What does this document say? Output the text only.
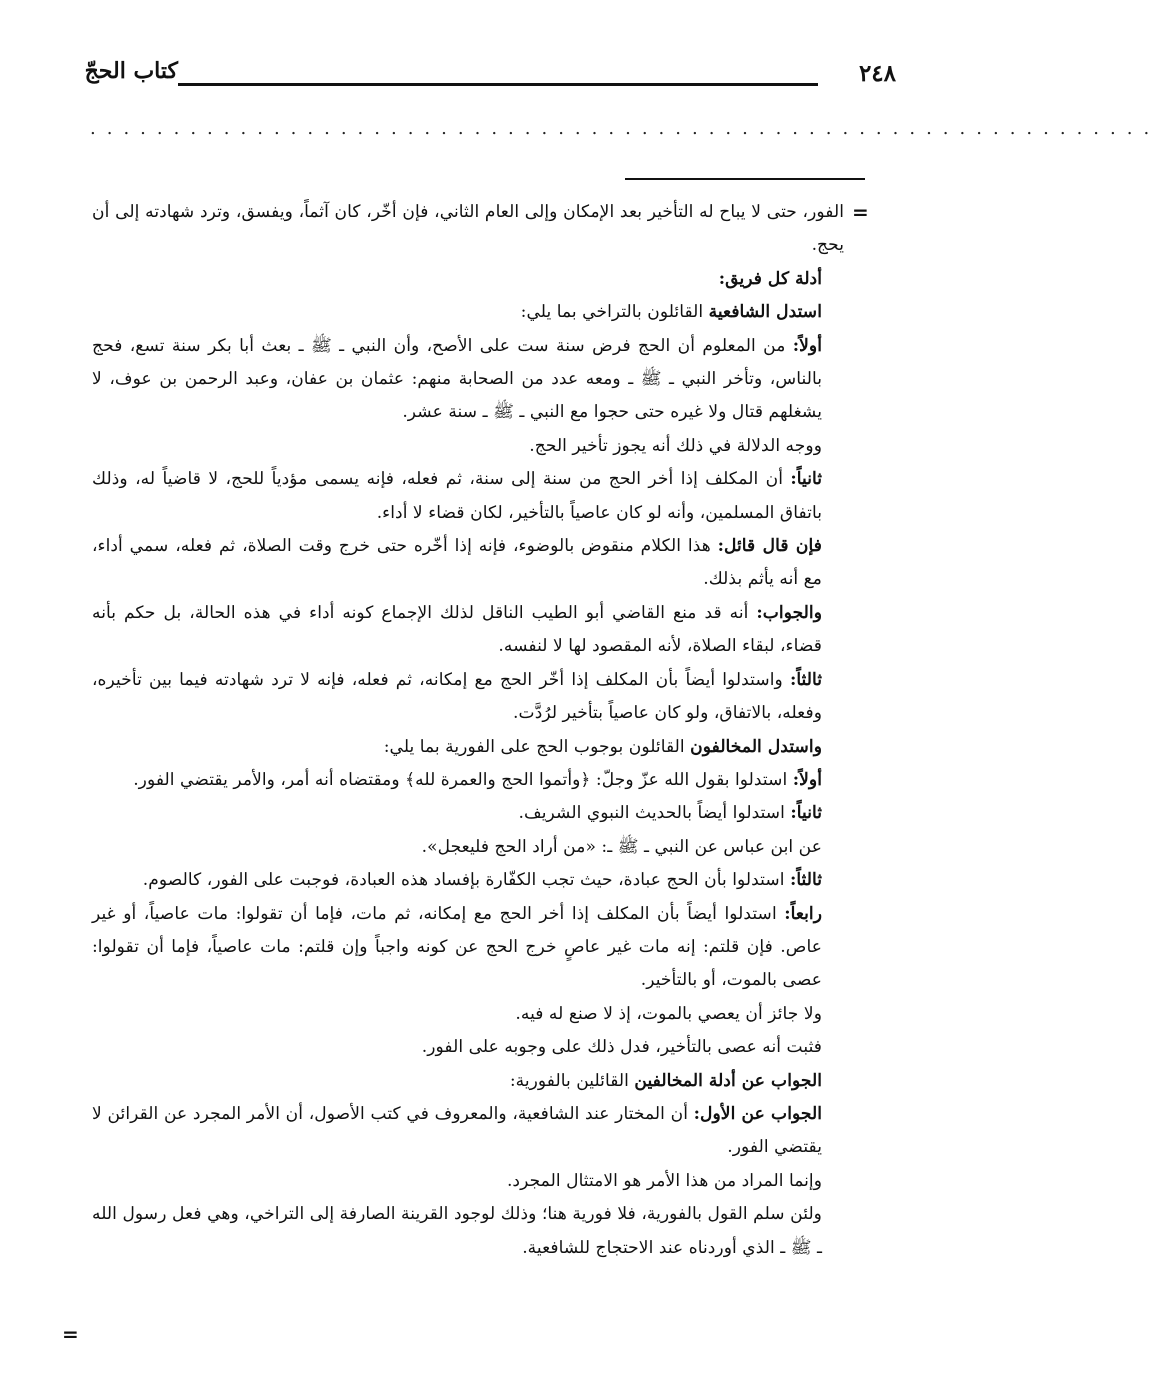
٢٤٨
كتاب الحجّ
................................................................
=
=

الفور، حتى لا يباح له التأخير بعد الإمكان وإلى العام الثاني، فإن أخّر، كان آثماً، ويفسق، وترد شهادته إلى أن يحج.

أدلة كل فريق:

استدل الشافعية القائلون بالتراخي بما يلي:

أولاً: من المعلوم أن الحج فرض سنة ست على الأصح، وأن النبي ـ ﷺ ـ بعث أبا بكر سنة تسع، فحج بالناس، وتأخر النبي ـ ﷺ ـ ومعه عدد من الصحابة منهم: عثمان بن عفان، وعبد الرحمن بن عوف، لا يشغلهم قتال ولا غيره حتى حجوا مع النبي ـ ﷺ ـ سنة عشر.

ووجه الدلالة في ذلك أنه يجوز تأخير الحج.

ثانياً: أن المكلف إذا أخر الحج من سنة إلى سنة، ثم فعله، فإنه يسمى مؤدياً للحج، لا قاضياً له، وذلك باتفاق المسلمين، وأنه لو كان عاصياً بالتأخير، لكان قضاء لا أداء.

فإن قال قائل: هذا الكلام منقوض بالوضوء، فإنه إذا أخّره حتى خرج وقت الصلاة، ثم فعله، سمي أداء، مع أنه يأثم بذلك.

والجواب: أنه قد منع القاضي أبو الطيب الناقل لذلك الإجماع كونه أداء في هذه الحالة، بل حكم بأنه قضاء، لبقاء الصلاة، لأنه المقصود لها لا لنفسه.

ثالثاً: واستدلوا أيضاً بأن المكلف إذا أخّر الحج مع إمكانه، ثم فعله، فإنه لا ترد شهادته فيما بين تأخيره، وفعله، بالاتفاق، ولو كان عاصياً بتأخير لرُدَّت.

واستدل المخالفون القائلون بوجوب الحج على الفورية بما يلي:

أولاً: استدلوا بقول الله عزّ وجلّ: ﴿وأتموا الحج والعمرة لله﴾ ومقتضاه أنه أمر، والأمر يقتضي الفور.

ثانياً: استدلوا أيضاً بالحديث النبوي الشريف.

عن ابن عباس عن النبي ـ ﷺ ـ: «من أراد الحج فليعجل».

ثالثاً: استدلوا بأن الحج عبادة، حيث تجب الكفّارة بإفساد هذه العبادة، فوجبت على الفور، كالصوم.

رابعاً: استدلوا أيضاً بأن المكلف إذا أخر الحج مع إمكانه، ثم مات، فإما أن تقولوا: مات عاصياً، أو غير عاص. فإن قلتم: إنه مات غير عاصٍ خرج الحج عن كونه واجباً وإن قلتم: مات عاصياً، فإما أن تقولوا: عصى بالموت، أو بالتأخير.

ولا جائز أن يعصي بالموت، إذ لا صنع له فيه.

فثبت أنه عصى بالتأخير، فدل ذلك على وجوبه على الفور.

الجواب عن أدلة المخالفين القائلين بالفورية:

الجواب عن الأول: أن المختار عند الشافعية، والمعروف في كتب الأصول، أن الأمر المجرد عن القرائن لا يقتضي الفور.

وإنما المراد من هذا الأمر هو الامتثال المجرد.

ولئن سلم القول بالفورية، فلا فورية هنا؛ وذلك لوجود القرينة الصارفة إلى التراخي، وهي فعل رسول الله ـ ﷺ ـ الذي أوردناه عند الاحتجاج للشافعية.
